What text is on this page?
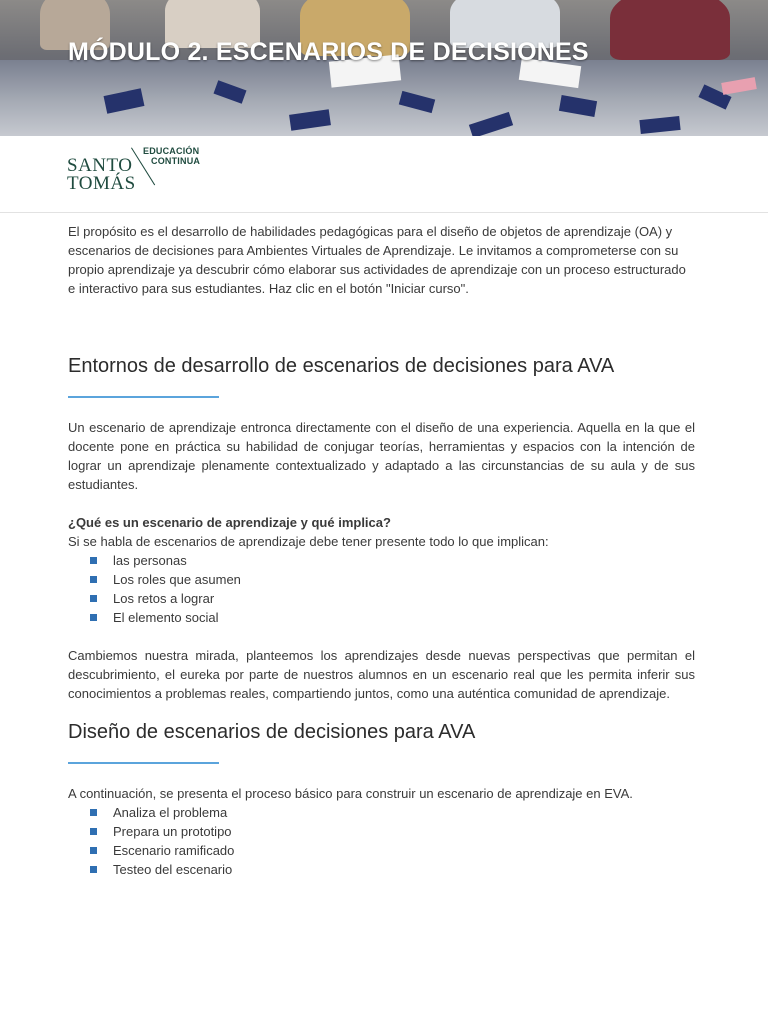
MÓDULO 2. ESCENARIOS DE DECISIONES
SANTO
TOMÁS
EDUCACIÓN
CONTINUA

El propósito es el desarrollo de habilidades pedagógicas para el diseño de objetos de aprendizaje (OA) y escenarios de decisiones para Ambientes Virtuales de Aprendizaje. Le invitamos a comprometerse con su propio aprendizaje ya descubrir cómo elaborar sus actividades de aprendizaje con un proceso estructurado e interactivo para sus estudiantes. Haz clic en el botón "Iniciar curso".

Entornos de desarrollo de escenarios de decisiones para AVA

Un escenario de aprendizaje entronca directamente con el diseño de una experiencia. Aquella en la que el docente pone en práctica su habilidad de conjugar teorías, herramientas y espacios con la intención de lograr un aprendizaje plenamente contextualizado y adaptado a las circunstancias de su aula y de sus estudiantes.

¿Qué es un escenario de aprendizaje y qué implica?

Si se habla de escenarios de aprendizaje debe tener presente todo lo que implican:

las personas
Los roles que asumen
Los retos a lograr
El elemento social

Cambiemos nuestra mirada, planteemos los aprendizajes desde nuevas perspectivas que permitan el descubrimiento, el eureka por parte de nuestros alumnos en un escenario real que les permita inferir sus conocimientos a problemas reales, compartiendo juntos, como una auténtica comunidad de aprendizaje.

Diseño de escenarios de decisiones para AVA

A continuación, se presenta el proceso básico para construir un escenario de aprendizaje en EVA.

Analiza el problema
Prepara un prototipo
Escenario ramificado
Testeo del escenario
